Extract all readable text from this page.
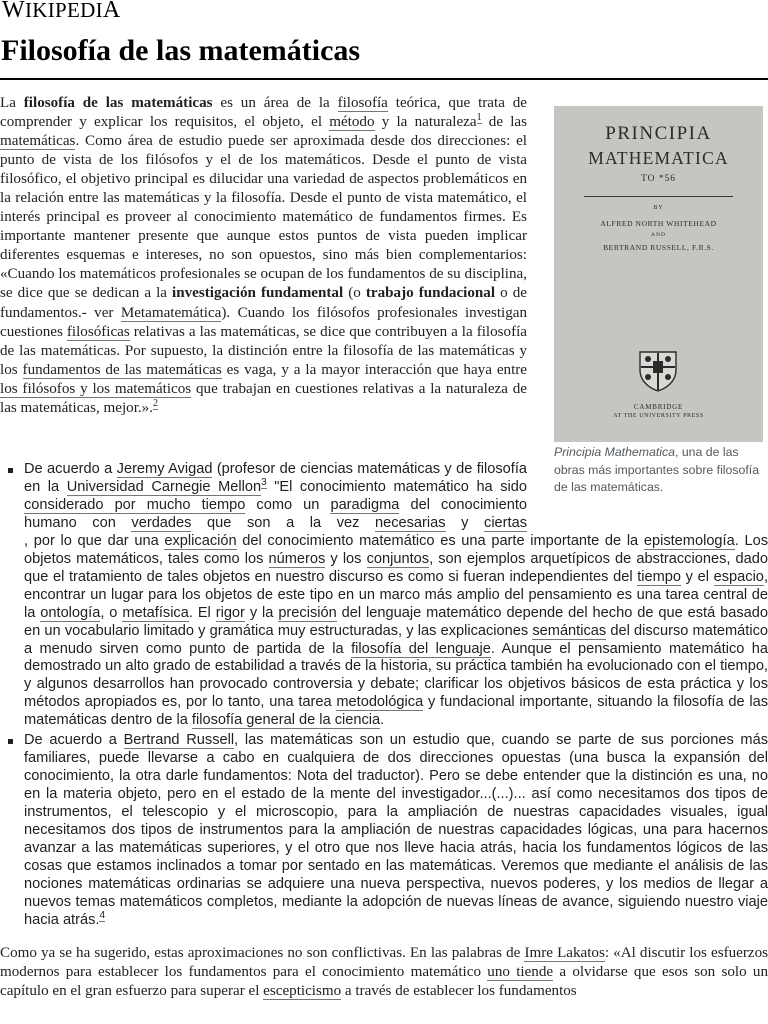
WIKIPEDIA
Filosofía de las matemáticas

La filosofía de las matemáticas es un área de la filosofía teórica, que trata de comprender y explicar los requisitos, el objeto, el método y la naturaleza$^1$ de las matemáticas. Como área de estudio puede ser aproximada desde dos direcciones: el punto de vista de los filósofos y el de los matemáticos. Desde el punto de vista filosófico, el objetivo principal es dilucidar una variedad de aspectos problemáticos en la relación entre las matemáticas y la filosofía. Desde el punto de vista matemático, el interés principal es proveer al conocimiento matemático de fundamentos firmes. Es importante mantener presente que aunque estos puntos de vista pueden implicar diferentes esquemas e intereses, no son opuestos, sino más bien complementarios: «Cuando los matemáticos profesionales se ocupan de los fundamentos de su disciplina, se dice que se dedican a la investigación fundamental (o trabajo fundacional o de fundamentos.- ver Metamatemática). Cuando los filósofos profesionales investigan cuestiones filosóficas relativas a las matemáticas, se dice que contribuyen a la filosofía de las matemáticas. Por supuesto, la distinción entre la filosofía de las matemáticas y los fundamentos de las matemáticas es vaga, y a la mayor interacción que haya entre los filósofos y los matemáticos que trabajan en cuestiones relativas a la naturaleza de las matemáticas, mejor.».$^2$

PRINCIPIA
MATHEMATICA
TO *56
BY
ALFRED NORTH WHITEHEAD
AND
BERTRAND RUSSELL, F.R.S.
CAMBRIDGE
AT THE UNIVERSITY PRESS
Principia Mathematica, una de las obras más importantes sobre filosofía de las matemáticas.
De acuerdo a Jeremy Avigad (profesor de ciencias matemáticas y de filosofía en la Universidad Carnegie Mellon$^3$ "El conocimiento matemático ha sido considerado por mucho tiempo como un paradigma del conocimiento humano con verdades que son a la vez necesarias y ciertas
, por lo que dar una explicación del conocimiento matemático es una parte importante de la epistemología. Los objetos matemáticos, tales como los números y los conjuntos, son ejemplos arquetípicos de abstracciones, dado que el tratamiento de tales objetos en nuestro discurso es como si fueran independientes del tiempo y el espacio, encontrar un lugar para los objetos de este tipo en un marco más amplio del pensamiento es una tarea central de la ontología, o metafísica. El rigor y la precisión del lenguaje matemático depende del hecho de que está basado en un vocabulario limitado y gramática muy estructuradas, y las explicaciones semánticas del discurso matemático a menudo sirven como punto de partida de la filosofía del lenguaje. Aunque el pensamiento matemático ha demostrado un alto grado de estabilidad a través de la historia, su práctica también ha evolucionado con el tiempo, y algunos desarrollos han provocado controversia y debate; clarificar los objetivos básicos de esta práctica y los métodos apropiados es, por lo tanto, una tarea metodológica y fundacional importante, situando la filosofía de las matemáticas dentro de la filosofía general de la ciencia.
De acuerdo a Bertrand Russell, las matemáticas son un estudio que, cuando se parte de sus porciones más familiares, puede llevarse a cabo en cualquiera de dos direcciones opuestas (una busca la expansión del conocimiento, la otra darle fundamentos: Nota del traductor). Pero se debe entender que la distinción es una, no en la materia objeto, pero en el estado de la mente del investigador...(...)... así como necesitamos dos tipos de instrumentos, el telescopio y el microscopio, para la ampliación de nuestras capacidades visuales, igual necesitamos dos tipos de instrumentos para la ampliación de nuestras capacidades lógicas, una para hacernos avanzar a las matemáticas superiores, y el otro que nos lleve hacia atrás, hacia los fundamentos lógicos de las cosas que estamos inclinados a tomar por sentado en las matemáticas. Veremos que mediante el análisis de las nociones matemáticas ordinarias se adquiere una nueva perspectiva, nuevos poderes, y los medios de llegar a nuevos temas matemáticos completos, mediante la adopción de nuevas líneas de avance, siguiendo nuestro viaje hacia atrás.$^4$

Como ya se ha sugerido, estas aproximaciones no son conflictivas. En las palabras de Imre Lakatos: «Al discutir los esfuerzos modernos para establecer los fundamentos para el conocimiento matemático uno tiende a olvidarse que esos son solo un capítulo en el gran esfuerzo para superar el escepticismo a través de establecer los fundamentos
